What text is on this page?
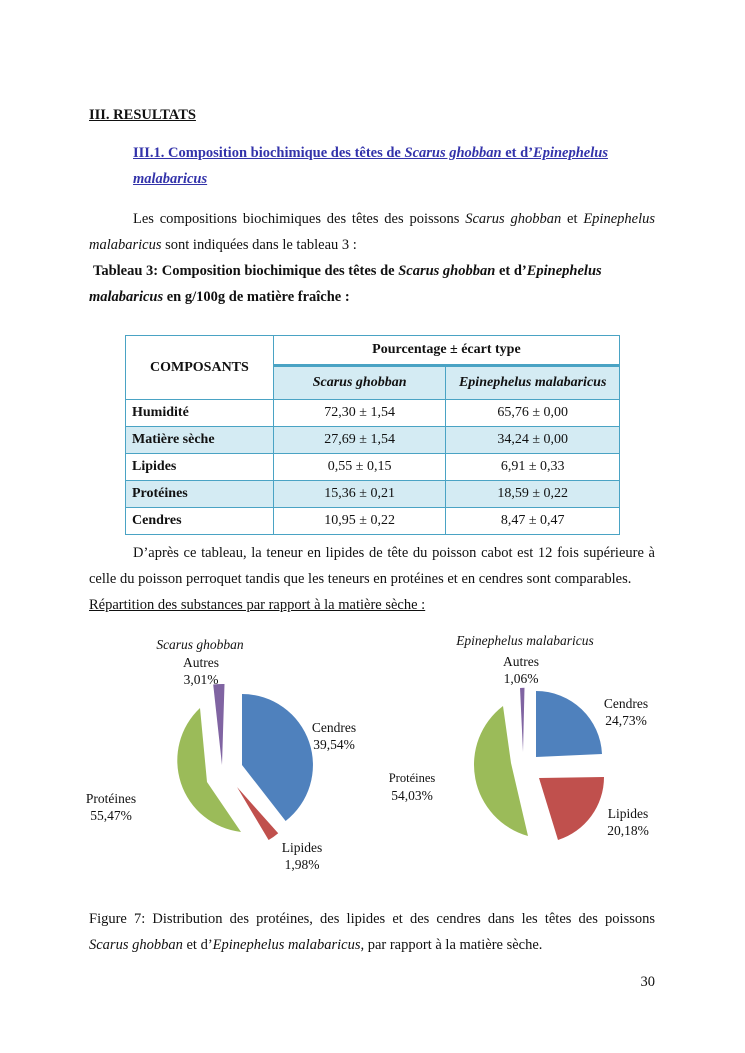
III. RESULTATS
III.1. Composition biochimique des têtes de Scarus ghobban et d’Epinephelus
malabaricus
Les compositions biochimiques des têtes des poissons Scarus ghobban et Epinephelus
malabaricus sont indiquées dans le tableau 3 :
Tableau 3: Composition biochimique des têtes de Scarus ghobban et d’Epinephelus
malabaricus en g/100g de matière fraîche :
COMPOSANTS	Pourcentage ± écart type	
	Scarus ghobban	Epinephelus malabaricus
Humidité	72,30 ± 1,54	65,76 ± 0,00
Matière sèche	27,69 ± 1,54	34,24 ± 0,00
Lipides	0,55 ± 0,15	6,91 ± 0,33
Protéines	15,36 ± 0,21	18,59 ± 0,22
Cendres	10,95 ± 0,22	8,47 ± 0,47
D’après ce tableau, la teneur en lipides de tête du poisson cabot est 12 fois supérieure à
celle du poisson perroquet tandis que les teneurs en protéines et en cendres sont comparables.
Répartition des substances par rapport à la matière sèche :
Scarus ghobban
Autres
3,01%
Cendres
39,54%
Protéines
55,47%
Lipides
1,98%
Epinephelus malabaricus
Autres
1,06%
Cendres
24,73%
Protéines
54,03%
Lipides
20,18%
Figure 7: Distribution des protéines, des lipides et des cendres dans les têtes des poissons
Scarus ghobban et d’Epinephelus malabaricus, par rapport à la matière sèche.
30
